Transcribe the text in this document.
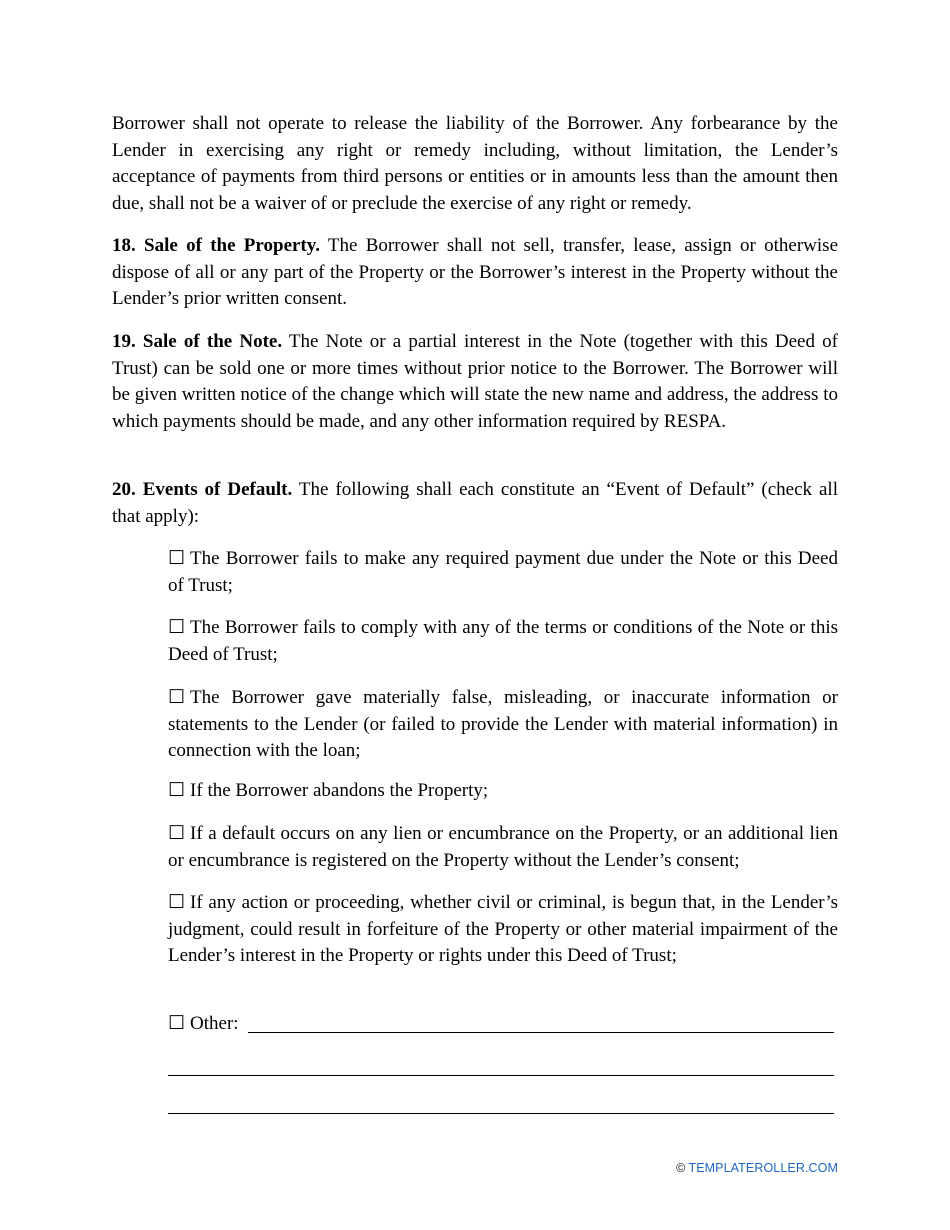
Borrower shall not operate to release the liability of the Borrower. Any forbearance by the Lender in exercising any right or remedy including, without limitation, the Lender’s acceptance of payments from third persons or entities or in amounts less than the amount then due, shall not be a waiver of or preclude the exercise of any right or remedy.

18. Sale of the Property. The Borrower shall not sell, transfer, lease, assign or otherwise dispose of all or any part of the Property or the Borrower’s interest in the Property without the Lender’s prior written consent.

19. Sale of the Note. The Note or a partial interest in the Note (together with this Deed of Trust) can be sold one or more times without prior notice to the Borrower. The Borrower will be given written notice of the change which will state the new name and address, the address to which payments should be made, and any other information required by RESPA.

20. Events of Default. The following shall each constitute an “Event of Default” (check all that apply):

☐ The Borrower fails to make any required payment due under the Note or this Deed of Trust;

☐ The Borrower fails to comply with any of the terms or conditions of the Note or this Deed of Trust;

☐ The Borrower gave materially false, misleading, or inaccurate information or statements to the Lender (or failed to provide the Lender with material information) in connection with the loan;

☐ If the Borrower abandons the Property;

☐ If a default occurs on any lien or encumbrance on the Property, or an additional lien or encumbrance is registered on the Property without the Lender’s consent;

☐ If any action or proceeding, whether civil or criminal, is begun that, in the Lender’s judgment, could result in forfeiture of the Property or other material impairment of the Lender’s interest in the Property or rights under this Deed of Trust;

☐ Other:

© TEMPLATEROLLER.COM
